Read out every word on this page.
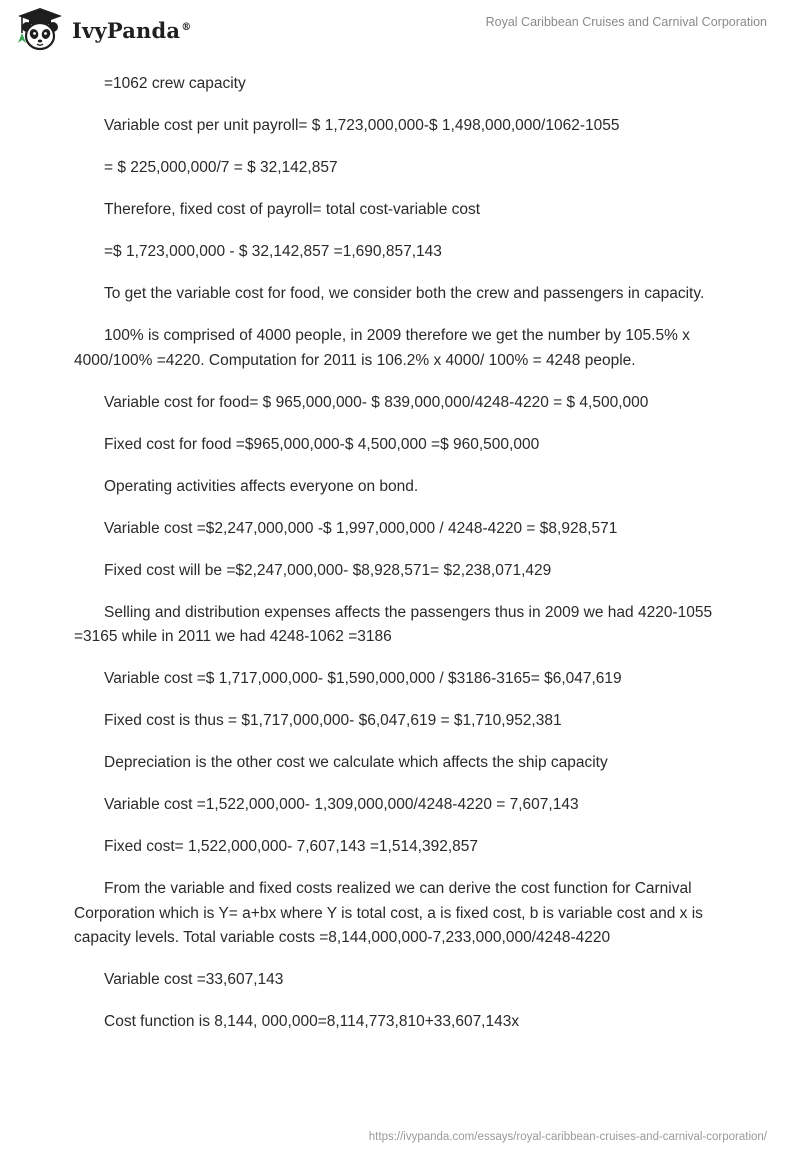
IvyPanda®	Royal Caribbean Cruises and Carnival Corporation

=1062 crew capacity

Variable cost per unit payroll= $ 1,723,000,000-$ 1,498,000,000/1062-1055

= $ 225,000,000/7 = $ 32,142,857

Therefore, fixed cost of payroll= total cost-variable cost

=$ 1,723,000,000 - $ 32,142,857 =1,690,857,143

To get the variable cost for food, we consider both the crew and passengers in capacity.

100% is comprised of 4000 people, in 2009 therefore we get the number by 105.5% x 4000/100% =4220. Computation for 2011 is 106.2% x 4000/ 100% = 4248 people.

Variable cost for food= $ 965,000,000- $ 839,000,000/4248-4220 = $ 4,500,000

Fixed cost for food =$965,000,000-$ 4,500,000 =$ 960,500,000

Operating activities affects everyone on bond.

Variable cost =$2,247,000,000 -$ 1,997,000,000 / 4248-4220 = $8,928,571

Fixed cost will be =$2,247,000,000- $8,928,571= $2,238,071,429

Selling and distribution expenses affects the passengers thus in 2009 we had 4220-1055 =3165 while in 2011 we had 4248-1062 =3186

Variable cost =$ 1,717,000,000- $1,590,000,000 / $3186-3165= $6,047,619

Fixed cost is thus = $1,717,000,000- $6,047,619 = $1,710,952,381

Depreciation is the other cost we calculate which affects the ship capacity

Variable cost =1,522,000,000- 1,309,000,000/4248-4220 = 7,607,143

Fixed cost= 1,522,000,000- 7,607,143 =1,514,392,857

From the variable and fixed costs realized we can derive the cost function for Carnival Corporation which is Y= a+bx where Y is total cost, a is fixed cost, b is variable cost and x is capacity levels. Total variable costs =8,144,000,000-7,233,000,000/4248-4220

Variable cost =33,607,143

Cost function is 8,144, 000,000=8,114,773,810+33,607,143x

https://ivypanda.com/essays/royal-caribbean-cruises-and-carnival-corporation/
